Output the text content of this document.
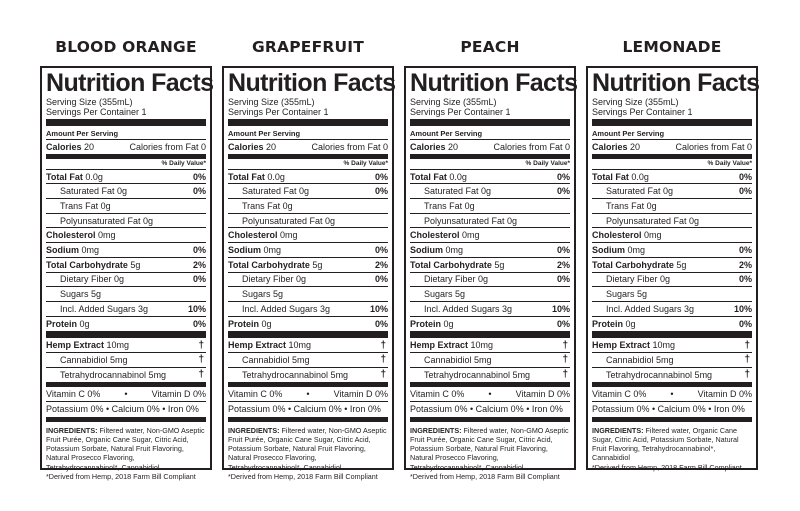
BLOOD ORANGE
Nutrition Facts
Serving Size (355mL)
Servings Per Container 1
Amount Per Serving
Calories 20	Calories from Fat 0
% Daily Value*
Total Fat 0.0g	0%
Saturated Fat 0g	0%
Trans Fat 0g
Polyunsaturated Fat 0g
Cholesterol 0mg
Sodium 0mg	0%
Total Carbohydrate 5g	2%
Dietary Fiber 0g	0%
Sugars 5g
Incl. Added Sugars 3g	10%
Protein 0g	0%
Hemp Extract 10mg	†
Cannabidiol 5mg	†
Tetrahydrocannabinol 5mg	†
Vitamin C 0%	•	Vitamin D 0%
Potassium 0% • Calcium 0% • Iron 0%
INGREDIENTS: Filtered water, Non-GMO Aseptic Fruit Purée, Organic Cane Sugar, Citric Acid, Potassium Sorbate, Natural Fruit Flavoring, Natural Prosecco Flavoring, Tetrahydrocannabinol*, Cannabidiol
*Derived from Hemp, 2018 Farm Bill Compliant
GRAPEFRUIT
Nutrition Facts
Serving Size (355mL)
Servings Per Container 1
Amount Per Serving
Calories 20	Calories from Fat 0
% Daily Value*
Total Fat 0.0g	0%
Saturated Fat 0g	0%
Trans Fat 0g
Polyunsaturated Fat 0g
Cholesterol 0mg
Sodium 0mg	0%
Total Carbohydrate 5g	2%
Dietary Fiber 0g	0%
Sugars 5g
Incl. Added Sugars 3g	10%
Protein 0g	0%
Hemp Extract 10mg	†
Cannabidiol 5mg	†
Tetrahydrocannabinol 5mg	†
Vitamin C 0%	•	Vitamin D 0%
Potassium 0% • Calcium 0% • Iron 0%
INGREDIENTS: Filtered water, Non-GMO Aseptic Fruit Purée, Organic Cane Sugar, Citric Acid, Potassium Sorbate, Natural Fruit Flavoring, Natural Prosecco Flavoring, Tetrahydrocannabinol*, Cannabidiol
*Derived from Hemp, 2018 Farm Bill Compliant
PEACH
Nutrition Facts
Serving Size (355mL)
Servings Per Container 1
Amount Per Serving
Calories 20	Calories from Fat 0
% Daily Value*
Total Fat 0.0g	0%
Saturated Fat 0g	0%
Trans Fat 0g
Polyunsaturated Fat 0g
Cholesterol 0mg
Sodium 0mg	0%
Total Carbohydrate 5g	2%
Dietary Fiber 0g	0%
Sugars 5g
Incl. Added Sugars 3g	10%
Protein 0g	0%
Hemp Extract 10mg	†
Cannabidiol 5mg	†
Tetrahydrocannabinol 5mg	†
Vitamin C 0%	•	Vitamin D 0%
Potassium 0% • Calcium 0% • Iron 0%
INGREDIENTS: Filtered water, Non-GMO Aseptic Fruit Purée, Organic Cane Sugar, Citric Acid, Potassium Sorbate, Natural Fruit Flavoring, Natural Prosecco Flavoring, Tetrahydrocannabinol*, Cannabidiol
*Derived from Hemp, 2018 Farm Bill Compliant
LEMONADE
Nutrition Facts
Serving Size (355mL)
Servings Per Container 1
Amount Per Serving
Calories 20	Calories from Fat 0
% Daily Value*
Total Fat 0.0g	0%
Saturated Fat 0g	0%
Trans Fat 0g
Polyunsaturated Fat 0g
Cholesterol 0mg
Sodium 0mg	0%
Total Carbohydrate 5g	2%
Dietary Fiber 0g	0%
Sugars 5g
Incl. Added Sugars 3g	10%
Protein 0g	0%
Hemp Extract 10mg	†
Cannabidiol 5mg	†
Tetrahydrocannabinol 5mg	†
Vitamin C 0%	•	Vitamin D 0%
Potassium 0% • Calcium 0% • Iron 0%
INGREDIENTS: Filtered water, Organic Cane Sugar, Citric Acid, Potassium Sorbate, Natural Fruit Flavoring, Tetrahydrocannabinol*, Cannabidiol
*Derived from Hemp, 2018 Farm Bill Compliant
